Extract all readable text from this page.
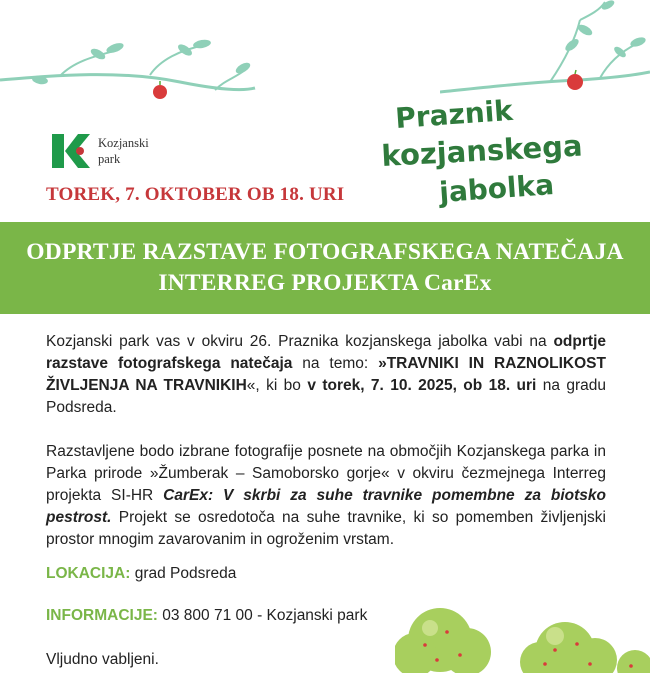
Kozjanski
park
Praznik
kozjanskega
jabolka
TOREK, 7. OKTOBER OB 18. URI
ODPRTJE RAZSTAVE FOTOGRAFSKEGA NATEČAJA INTERREG PROJEKTA CarEx

Kozjanski park vas v okviru 26. Praznika kozjanskega jabolka vabi na odprtje razstave fotografskega natečaja na temo: »TRAVNIKI IN RAZNOLIKOST ŽIVLJENJA NA TRAVNIKIH«, ki bo v torek, 7. 10. 2025, ob 18. uri na gradu Podsreda.

Razstavljene bodo izbrane fotografije posnete na območjih Kozjanskega parka in Parka prirode »Žumberak – Samoborsko gorje« v okviru čezmejnega Interreg projekta SI-HR CarEx: V skrbi za suhe travnike pomembne za biotsko pestrost. Projekt se osredotoča na suhe travnike, ki so pomemben življenjski prostor mnogim zavarovanim in ogroženim vrstam.

LOKACIJA: grad Podsreda
INFORMACIJE: 03 800 71 00 - Kozjanski park
Vljudno vabljeni.
